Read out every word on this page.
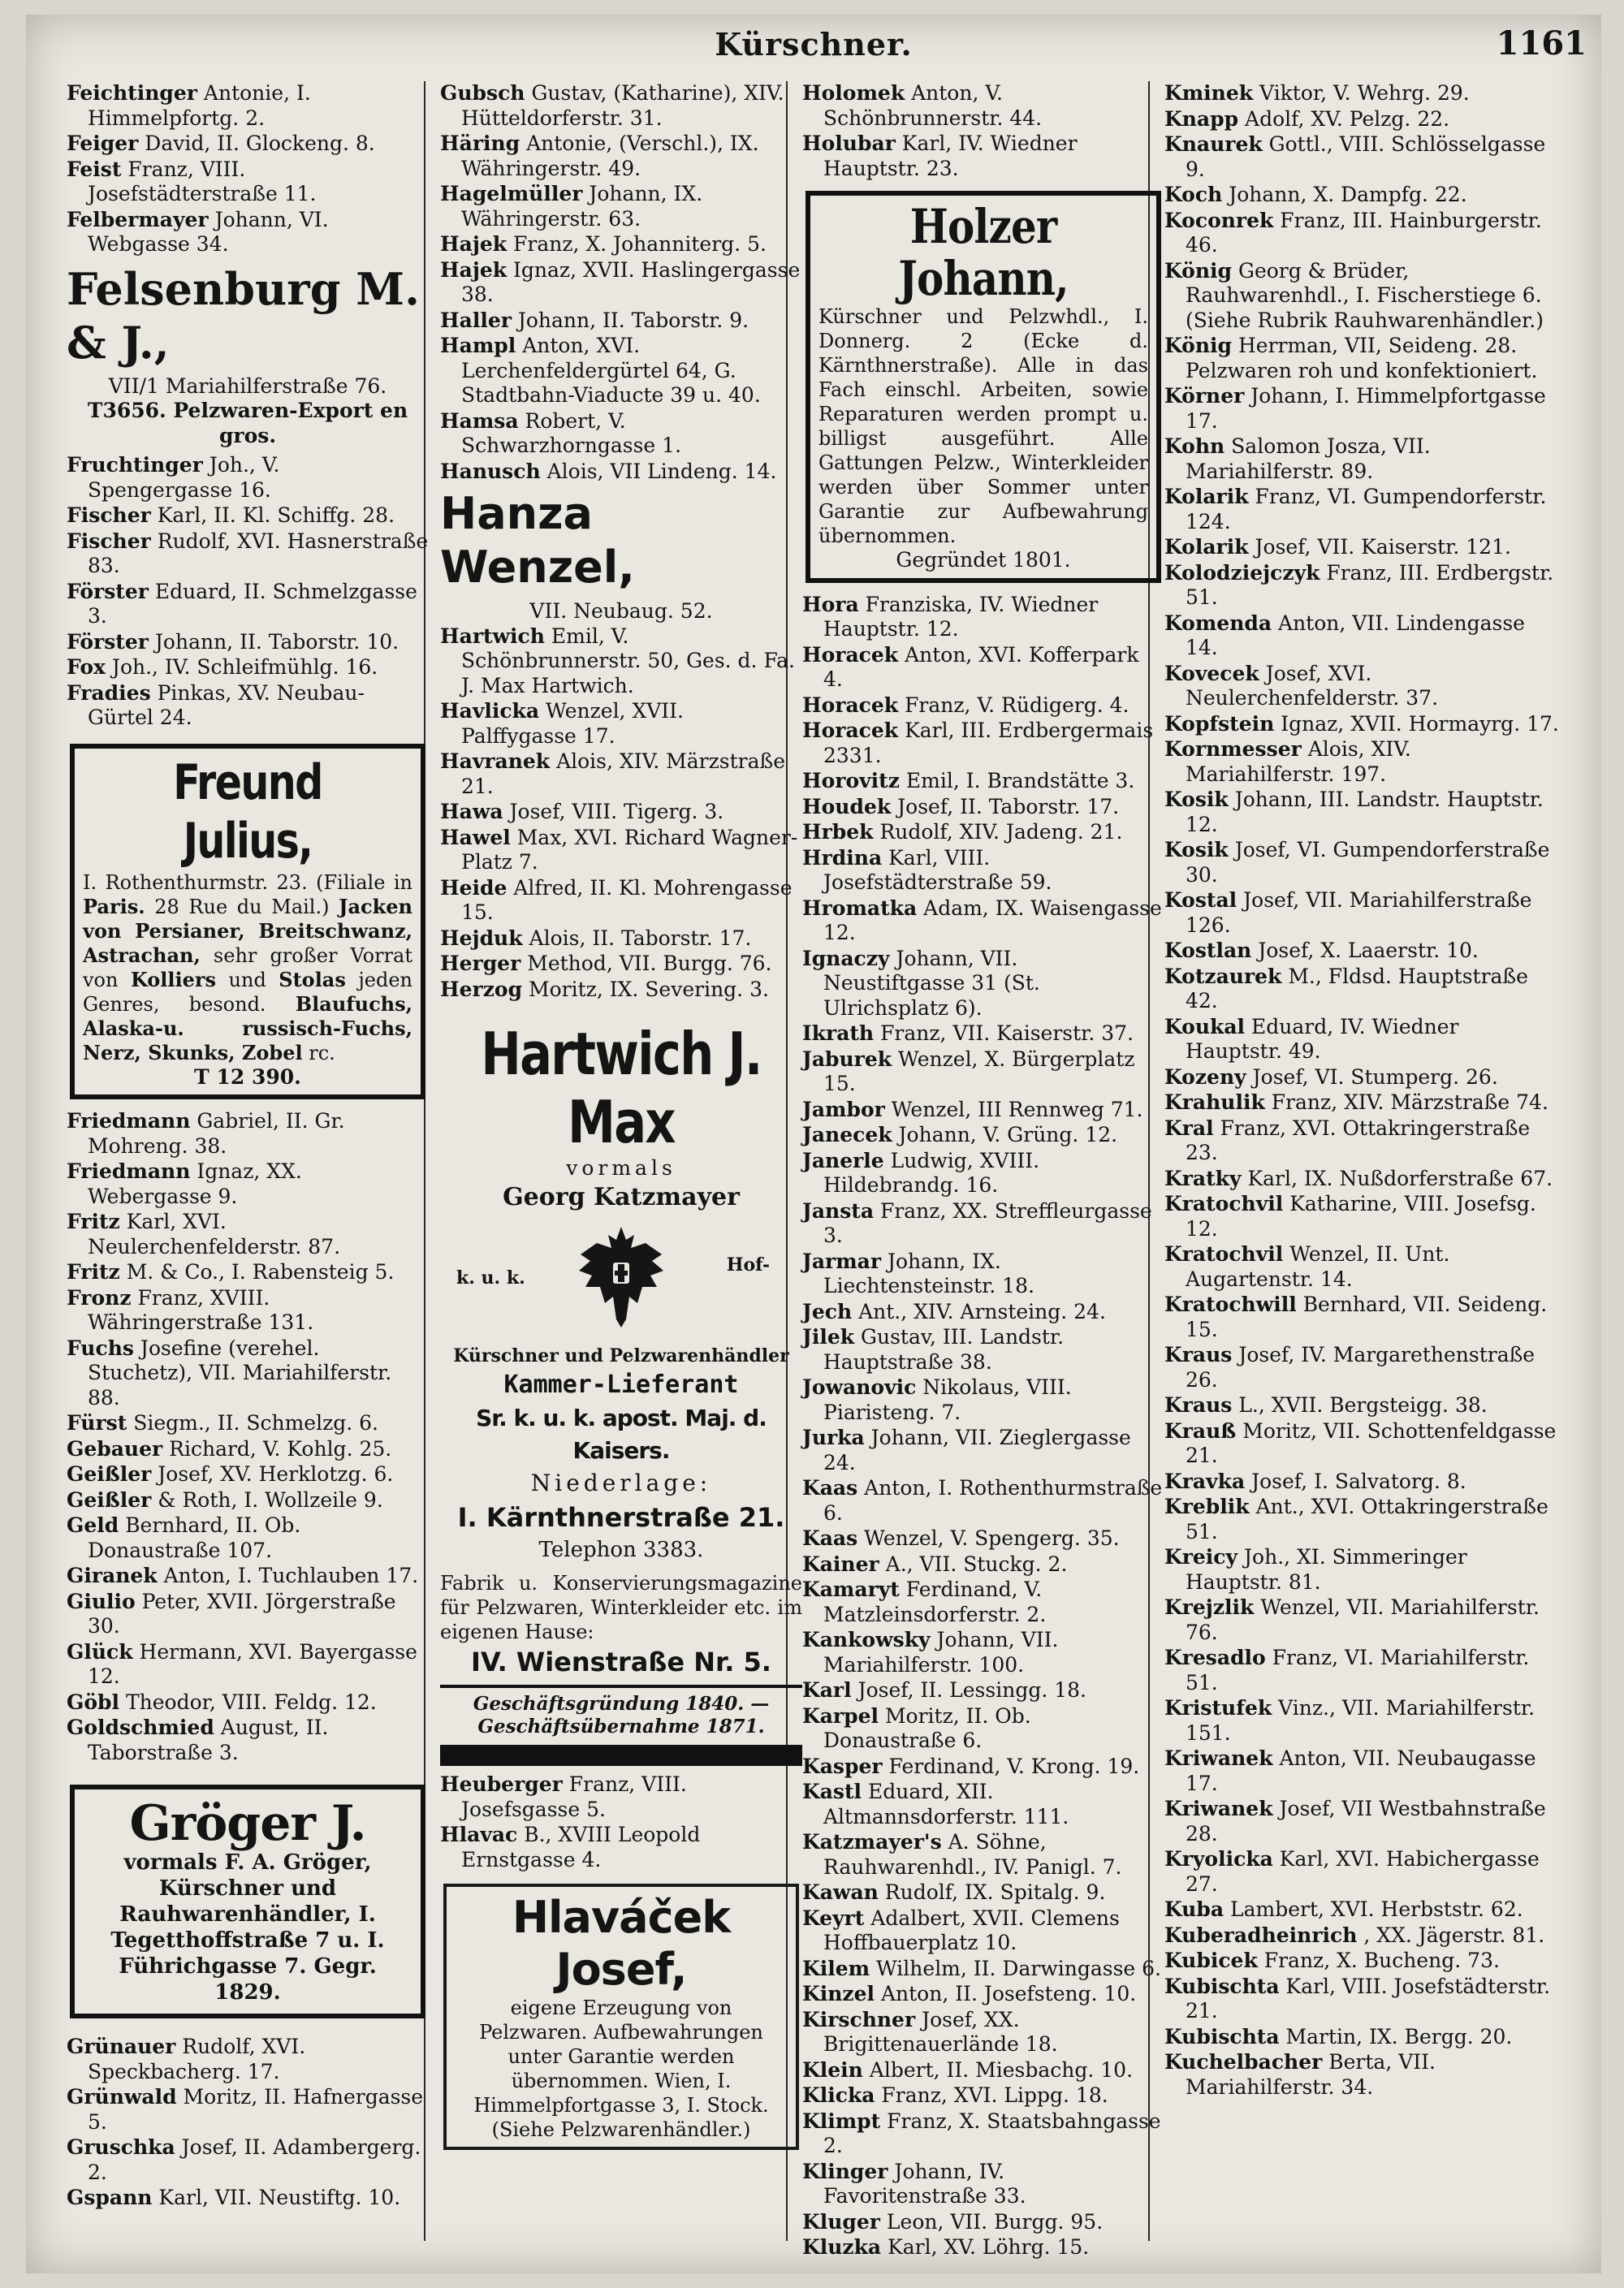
Kürschner.	1161
Feichtinger Antonie, I. Himmelpfortg. 2.
Feiger David, II. Glockeng. 8.
Feist Franz, VIII. Josefstädterstraße 11.
Felbermayer Johann, VI. Webgasse 34.
Felsenburg M. & J.,
VII/1 Mariahilferstraße 76.
T3656. Pelzwaren-Export en gros.
Fruchtinger Joh., V. Spengergasse 16.
Fischer Karl, II. Kl. Schiffg. 28.
Fischer Rudolf, XVI. Hasnerstraße 83.
Förster Eduard, II. Schmelzgasse 3.
Förster Johann, II. Taborstr. 10.
Fox Joh., IV. Schleifmühlg. 16.
Fradies Pinkas, XV. Neubau-Gürtel 24.
Freund Julius,
I. Rothenthurmstr. 23. (Filiale in Paris. 28 Rue du Mail.) Jacken von Persianer, Breitschwanz, Astrachan, sehr großer Vorrat von Kolliers und Stolas jeden Genres, besond. Blaufuchs, Alaska-u. russisch-Fuchs, Nerz, Skunks, Zobel rc.
T 12 390.
Friedmann Gabriel, II. Gr. Mohreng. 38.
Friedmann Ignaz, XX. Webergasse 9.
Fritz Karl, XVI. Neulerchenfelderstr. 87.
Fritz M. & Co., I. Rabensteig 5.
Fronz Franz, XVIII. Währingerstraße 131.
Fuchs Josefine (verehel. Stuchetz), VII. Mariahilferstr. 88.
Fürst Siegm., II. Schmelzg. 6.
Gebauer Richard, V. Kohlg. 25.
Geißler Josef, XV. Herklotzg. 6.
Geißler & Roth, I. Wollzeile 9.
Geld Bernhard, II. Ob. Donaustraße 107.
Giranek Anton, I. Tuchlauben 17.
Giulio Peter, XVII. Jörgerstraße 30.
Glück Hermann, XVI. Bayergasse 12.
Göbl Theodor, VIII. Feldg. 12.
Goldschmied August, II. Taborstraße 3.
Gröger J.
vormals F. A. Gröger, Kürschner und Rauhwarenhändler, I. Tegetthoffstraße 7 u. I. Führichgasse 7. Gegr. 1829.
Grünauer Rudolf, XVI. Speckbacherg. 17.
Grünwald Moritz, II. Hafnergasse 5.
Gruschka Josef, II. Adambergerg. 2.
Gspann Karl, VII. Neustiftg. 10.
Gubsch Gustav, (Katharine), XIV. Hütteldorferstr. 31.
Häring Antonie, (Verschl.), IX. Währingerstr. 49.
Hagelmüller Johann, IX. Währingerstr. 63.
Hajek Franz, X. Johanniterg. 5.
Hajek Ignaz, XVII. Haslingergasse 38.
Haller Johann, II. Taborstr. 9.
Hampl Anton, XVI. Lerchenfeldergürtel 64, G. Stadtbahn-Viaducte 39 u. 40.
Hamsa Robert, V. Schwarzhorngasse 1.
Hanusch Alois, VII Lindeng. 14.
Hanza Wenzel,
VII. Neubaug. 52.
Hartwich Emil, V. Schönbrunnerstr. 50, Ges. d. Fa. J. Max Hartwich.
Havlicka Wenzel, XVII. Palffygasse 17.
Havranek Alois, XIV. Märzstraße 21.
Hawa Josef, VIII. Tigerg. 3.
Hawel Max, XVI. Richard Wagner-Platz 7.
Heide Alfred, II. Kl. Mohrengasse 15.
Hejduk Alois, II. Taborstr. 17.
Herger Method, VII. Burgg. 76.
Herzog Moritz, IX. Severing. 3.
Hartwich J. Max
vormals
Georg Katzmayer
k. u. k.
Hof-
Kürschner und Pelzwarenhändler
Kammer-Lieferant
Sr. k. u. k. apost. Maj. d. Kaisers.
Niederlage:
I. Kärnthnerstraße 21.
Telephon 3383.
Fabrik u. Konservierungsmagazine für Pelzwaren, Winterkleider etc. im eigenen Hause:
IV. Wienstraße Nr. 5.
Geschäftsgründung 1840. — Geschäftsübernahme 1871.
Heuberger Franz, VIII. Josefsgasse 5.
Hlavac B., XVIII Leopold Ernstgasse 4.
Hlaváček Josef,
eigene Erzeugung von Pelzwaren. Aufbewahrungen unter Garantie werden übernommen. Wien, I. Himmelpfortgasse 3, I. Stock. (Siehe Pelzwarenhändler.)
Holomek Anton, V. Schönbrunnerstr. 44.
Holubar Karl, IV. Wiedner Hauptstr. 23.
Holzer Johann,
Kürschner und Pelzwhdl., I. Donnerg. 2 (Ecke d. Kärnthnerstraße). Alle in das Fach einschl. Arbeiten, sowie Reparaturen werden prompt u. billigst ausgeführt. Alle Gattungen Pelzw., Winterkleider werden über Sommer unter Garantie zur Aufbewahrung übernommen.
Gegründet 1801.
Hora Franziska, IV. Wiedner Hauptstr. 12.
Horacek Anton, XVI. Kofferpark 4.
Horacek Franz, V. Rüdigerg. 4.
Horacek Karl, III. Erdbergermais 2331.
Horovitz Emil, I. Brandstätte 3.
Houdek Josef, II. Taborstr. 17.
Hrbek Rudolf, XIV. Jadeng. 21.
Hrdina Karl, VIII. Josefstädterstraße 59.
Hromatka Adam, IX. Waisengasse 12.
Ignaczy Johann, VII. Neustiftgasse 31 (St. Ulrichsplatz 6).
Ikrath Franz, VII. Kaiserstr. 37.
Jaburek Wenzel, X. Bürgerplatz 15.
Jambor Wenzel, III Rennweg 71.
Janecek Johann, V. Grüng. 12.
Janerle Ludwig, XVIII. Hildebrandg. 16.
Jansta Franz, XX. Streffleurgasse 3.
Jarmar Johann, IX. Liechtensteinstr. 18.
Jech Ant., XIV. Arnsteing. 24.
Jilek Gustav, III. Landstr. Hauptstraße 38.
Jowanovic Nikolaus, VIII. Piaristeng. 7.
Jurka Johann, VII. Zieglergasse 24.
Kaas Anton, I. Rothenthurmstraße 6.
Kaas Wenzel, V. Spengerg. 35.
Kainer A., VII. Stuckg. 2.
Kamaryt Ferdinand, V. Matzleinsdorferstr. 2.
Kankowsky Johann, VII. Mariahilferstr. 100.
Karl Josef, II. Lessingg. 18.
Karpel Moritz, II. Ob. Donaustraße 6.
Kasper Ferdinand, V. Krong. 19.
Kastl Eduard, XII. Altmannsdorferstr. 111.
Katzmayer's A. Söhne, Rauhwarenhdl., IV. Panigl. 7.
Kawan Rudolf, IX. Spitalg. 9.
Keyrt Adalbert, XVII. Clemens Hoffbauerplatz 10.
Kilem Wilhelm, II. Darwingasse 6.
Kinzel Anton, II. Josefsteng. 10.
Kirschner Josef, XX. Brigittenauerlände 18.
Klein Albert, II. Miesbachg. 10.
Klicka Franz, XVI. Lippg. 18.
Klimpt Franz, X. Staatsbahngasse 2.
Klinger Johann, IV. Favoritenstraße 33.
Kluger Leon, VII. Burgg. 95.
Kluzka Karl, XV. Löhrg. 15.
Kminek Viktor, V. Wehrg. 29.
Knapp Adolf, XV. Pelzg. 22.
Knaurek Gottl., VIII. Schlösselgasse 9.
Koch Johann, X. Dampfg. 22.
Koconrek Franz, III. Hainburgerstr. 46.
König Georg & Brüder, Rauhwarenhdl., I. Fischerstiege 6. (Siehe Rubrik Rauhwarenhändler.)
König Herrman, VII, Seideng. 28. Pelzwaren roh und konfektioniert.
Körner Johann, I. Himmelpfortgasse 17.
Kohn Salomon Josza, VII. Mariahilferstr. 89.
Kolarik Franz, VI. Gumpendorferstr. 124.
Kolarik Josef, VII. Kaiserstr. 121.
Kolodziejczyk Franz, III. Erdbergstr. 51.
Komenda Anton, VII. Lindengasse 14.
Kovecek Josef, XVI. Neulerchenfelderstr. 37.
Kopfstein Ignaz, XVII. Hormayrg. 17.
Kornmesser Alois, XIV. Mariahilferstr. 197.
Kosik Johann, III. Landstr. Hauptstr. 12.
Kosik Josef, VI. Gumpendorferstraße 30.
Kostal Josef, VII. Mariahilferstraße 126.
Kostlan Josef, X. Laaerstr. 10.
Kotzaurek M., Fldsd. Hauptstraße 42.
Koukal Eduard, IV. Wiedner Hauptstr. 49.
Kozeny Josef, VI. Stumperg. 26.
Krahulik Franz, XIV. Märzstraße 74.
Kral Franz, XVI. Ottakringerstraße 23.
Kratky Karl, IX. Nußdorferstraße 67.
Kratochvil Katharine, VIII. Josefsg. 12.
Kratochvil Wenzel, II. Unt. Augartenstr. 14.
Kratochwill Bernhard, VII. Seideng. 15.
Kraus Josef, IV. Margarethenstraße 26.
Kraus L., XVII. Bergsteigg. 38.
Krauß Moritz, VII. Schottenfeldgasse 21.
Kravka Josef, I. Salvatorg. 8.
Kreblik Ant., XVI. Ottakringerstraße 51.
Kreicy Joh., XI. Simmeringer Hauptstr. 81.
Krejzlik Wenzel, VII. Mariahilferstr. 76.
Kresadlo Franz, VI. Mariahilferstr. 51.
Kristufek Vinz., VII. Mariahilferstr. 151.
Kriwanek Anton, VII. Neubaugasse 17.
Kriwanek Josef, VII Westbahnstraße 28.
Kryolicka Karl, XVI. Habichergasse 27.
Kuba Lambert, XVI. Herbststr. 62.
Kuberadheinrich , XX. Jägerstr. 81.
Kubicek Franz, X. Bucheng. 73.
Kubischta Karl, VIII. Josefstädterstr. 21.
Kubischta Martin, IX. Bergg. 20.
Kuchelbacher Berta, VII. Mariahilferstr. 34.
